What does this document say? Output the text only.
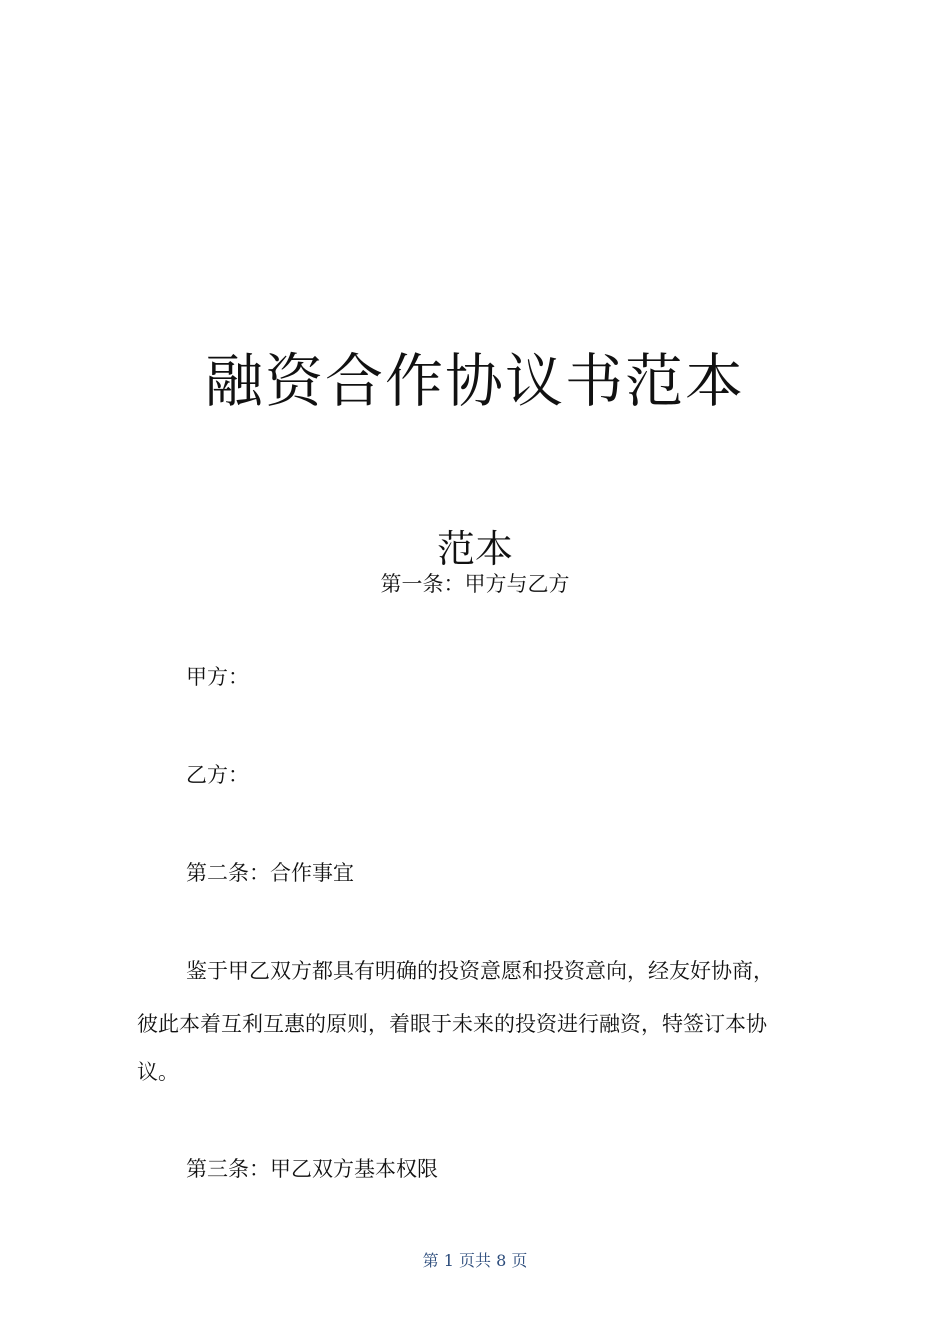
融资合作协议书范本
范本
第一条：甲方与乙方
甲方：
乙方：
第二条：合作事宜
鉴于甲乙双方都具有明确的投资意愿和投资意向，经友好协商，
彼此本着互利互惠的原则，着眼于未来的投资进行融资，特签订本协
议。
第三条：甲乙双方基本权限
第 1 页共 8 页
